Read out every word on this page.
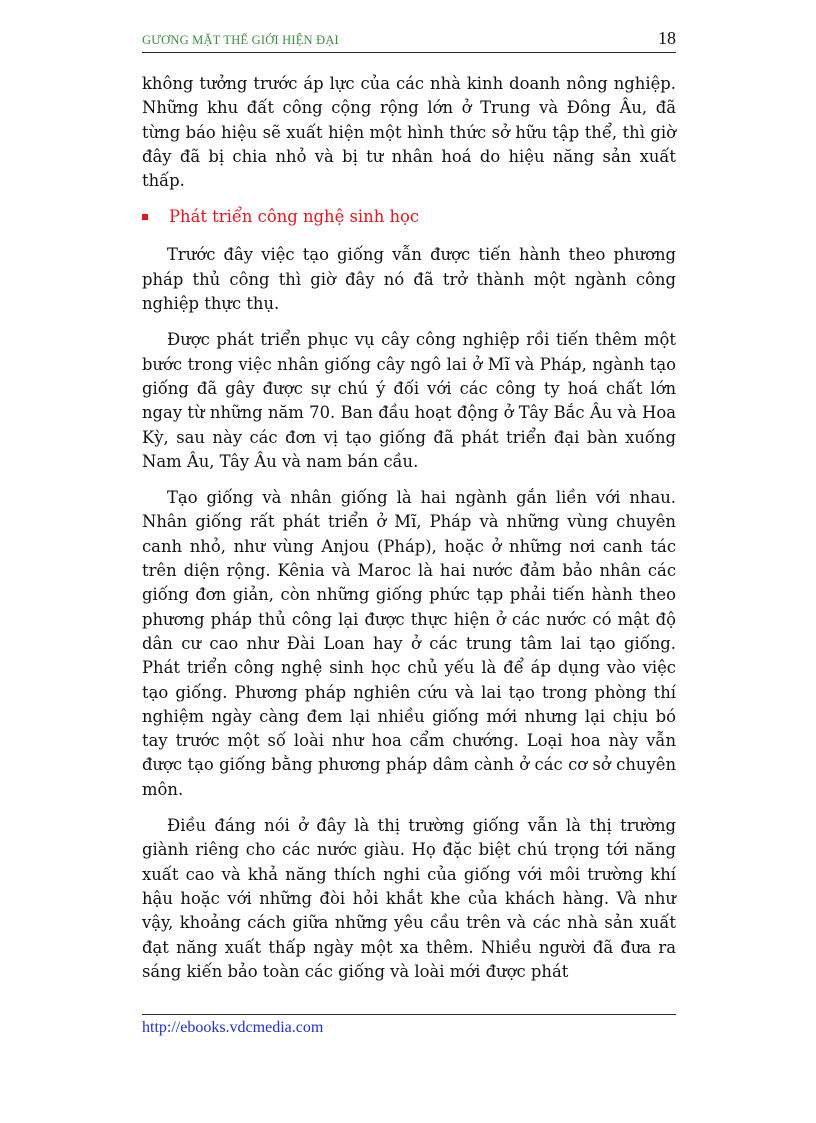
GƯƠNG MẶT THẾ GIỚI HIỆN ĐẠI	18

không tưởng trước áp lực của các nhà kinh doanh nông nghiệp. Những khu đất công cộng rộng lớn ở Trung và Đông Âu, đã từng báo hiệu sẽ xuất hiện một hình thức sở hữu tập thể, thì giờ đây đã bị chia nhỏ và bị tư nhân hoá do hiệu năng sản xuất thấp.

Phát triển công nghệ sinh học

Trước đây việc tạo giống vẫn được tiến hành theo phương pháp thủ công thì giờ đây nó đã trở thành một ngành công nghiệp thực thụ.

Được phát triển phục vụ cây công nghiệp rồi tiến thêm một bước trong việc nhân giống cây ngô lai ở Mĩ và Pháp, ngành tạo giống đã gây được sự chú ý đối với các công ty hoá chất lớn ngay từ những năm 70. Ban đầu hoạt động ở Tây Bắc Âu và Hoa Kỳ, sau này các đơn vị tạo giống đã phát triển đại bàn xuống Nam Âu, Tây Âu và nam bán cầu.

Tạo giống và nhân giống là hai ngành gắn liền với nhau. Nhân giống rất phát triển ở Mĩ, Pháp và những vùng chuyên canh nhỏ, như vùng Anjou (Pháp), hoặc ở những nơi canh tác trên diện rộng. Kênia và Maroc là hai nước đảm bảo nhân các giống đơn giản, còn những giống phức tạp phải tiến hành theo phương pháp thủ công lại được thực hiện ở các nước có mật độ dân cư cao như Đài Loan hay ở các trung tâm lai tạo giống. Phát triển công nghệ sinh học chủ yếu là để áp dụng vào việc tạo giống. Phương pháp nghiên cứu và lai tạo trong phòng thí nghiệm ngày càng đem lại nhiều giống mới nhưng lại chịu bó tay trước một số loài như hoa cẩm chướng. Loại hoa này vẫn được tạo giống bằng phương pháp dâm cành ở các cơ sở chuyên môn.

Điều đáng nói ở đây là thị trường giống vẫn là thị trường giành riêng cho các nước giàu. Họ đặc biệt chú trọng tới năng xuất cao và khả năng thích nghi của giống với môi trường khí hậu hoặc với những đòi hỏi khắt khe của khách hàng. Và như vậy, khoảng cách giữa những yêu cầu trên và các nhà sản xuất đạt năng xuất thấp ngày một xa thêm. Nhiều người đã đưa ra sáng kiến bảo toàn các giống và loài mới được phát

http://ebooks.vdcmedia.com
